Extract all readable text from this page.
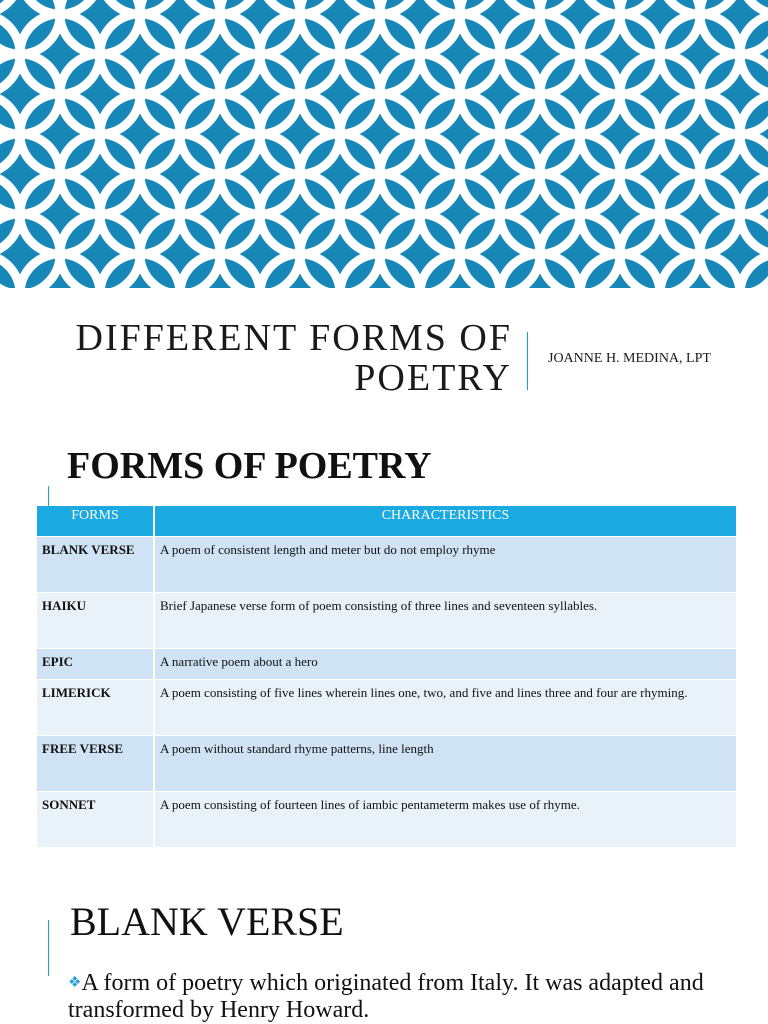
DIFFERENT FORMS OF
POETRY	JOANNE H. MEDINA, LPT
FORMS OF POETRY
FORMS	CHARACTERISTICS
BLANK VERSE	A poem of consistent length and meter but do not employ rhyme
HAIKU	Brief Japanese verse form of poem consisting of three lines and seventeen syllables.
EPIC	A narrative poem about a hero
LIMERICK	A poem consisting of five lines wherein lines one, two, and five and lines three and four are rhyming.
FREE VERSE	A poem without standard rhyme patterns, line length
SONNET	A poem consisting of fourteen lines of iambic pentameterm makes use of rhyme.
BLANK VERSE
❖A form of poetry which originated from Italy. It was adapted and transformed by Henry Howard.
